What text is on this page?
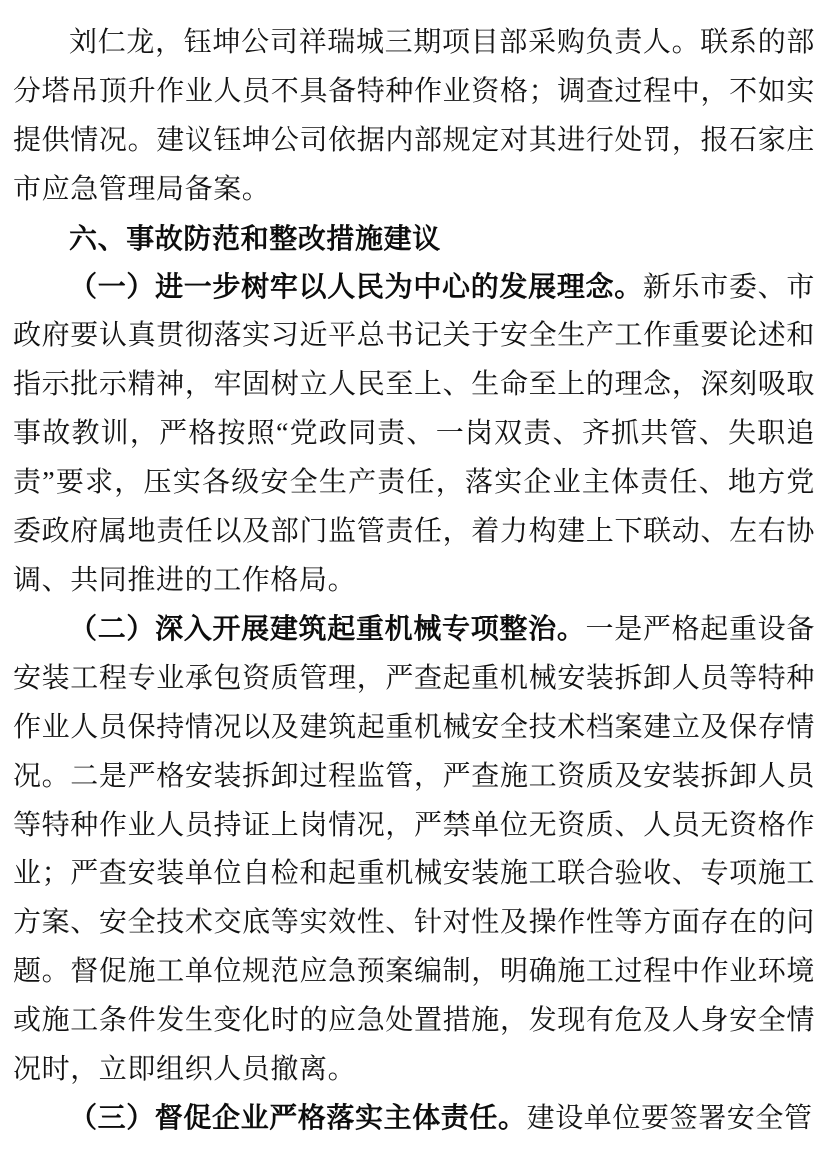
刘仁龙，钰坤公司祥瑞城三期项目部采购负责人。联系的部分塔吊顶升作业人员不具备特种作业资格；调查过程中，不如实提供情况。建议钰坤公司依据内部规定对其进行处罚，报石家庄市应急管理局备案。

六、事故防范和整改措施建议

（一）进一步树牢以人民为中心的发展理念。新乐市委、市政府要认真贯彻落实习近平总书记关于安全生产工作重要论述和指示批示精神，牢固树立人民至上、生命至上的理念，深刻吸取事故教训，严格按照“党政同责、一岗双责、齐抓共管、失职追责”要求，压实各级安全生产责任，落实企业主体责任、地方党委政府属地责任以及部门监管责任，着力构建上下联动、左右协调、共同推进的工作格局。

（二）深入开展建筑起重机械专项整治。一是严格起重设备安装工程专业承包资质管理，严查起重机械安装拆卸人员等特种作业人员保持情况以及建筑起重机械安全技术档案建立及保存情况。二是严格安装拆卸过程监管，严查施工资质及安装拆卸人员等特种作业人员持证上岗情况，严禁单位无资质、人员无资格作业；严查安装单位自检和起重机械安装施工联合验收、专项施工方案、安全技术交底等实效性、针对性及操作性等方面存在的问题。督促施工单位规范应急预案编制，明确施工过程中作业环境或施工条件发生变化时的应急处置措施，发现有危及人身安全情况时，立即组织人员撤离。

（三）督促企业严格落实主体责任。建设单位要签署安全管
